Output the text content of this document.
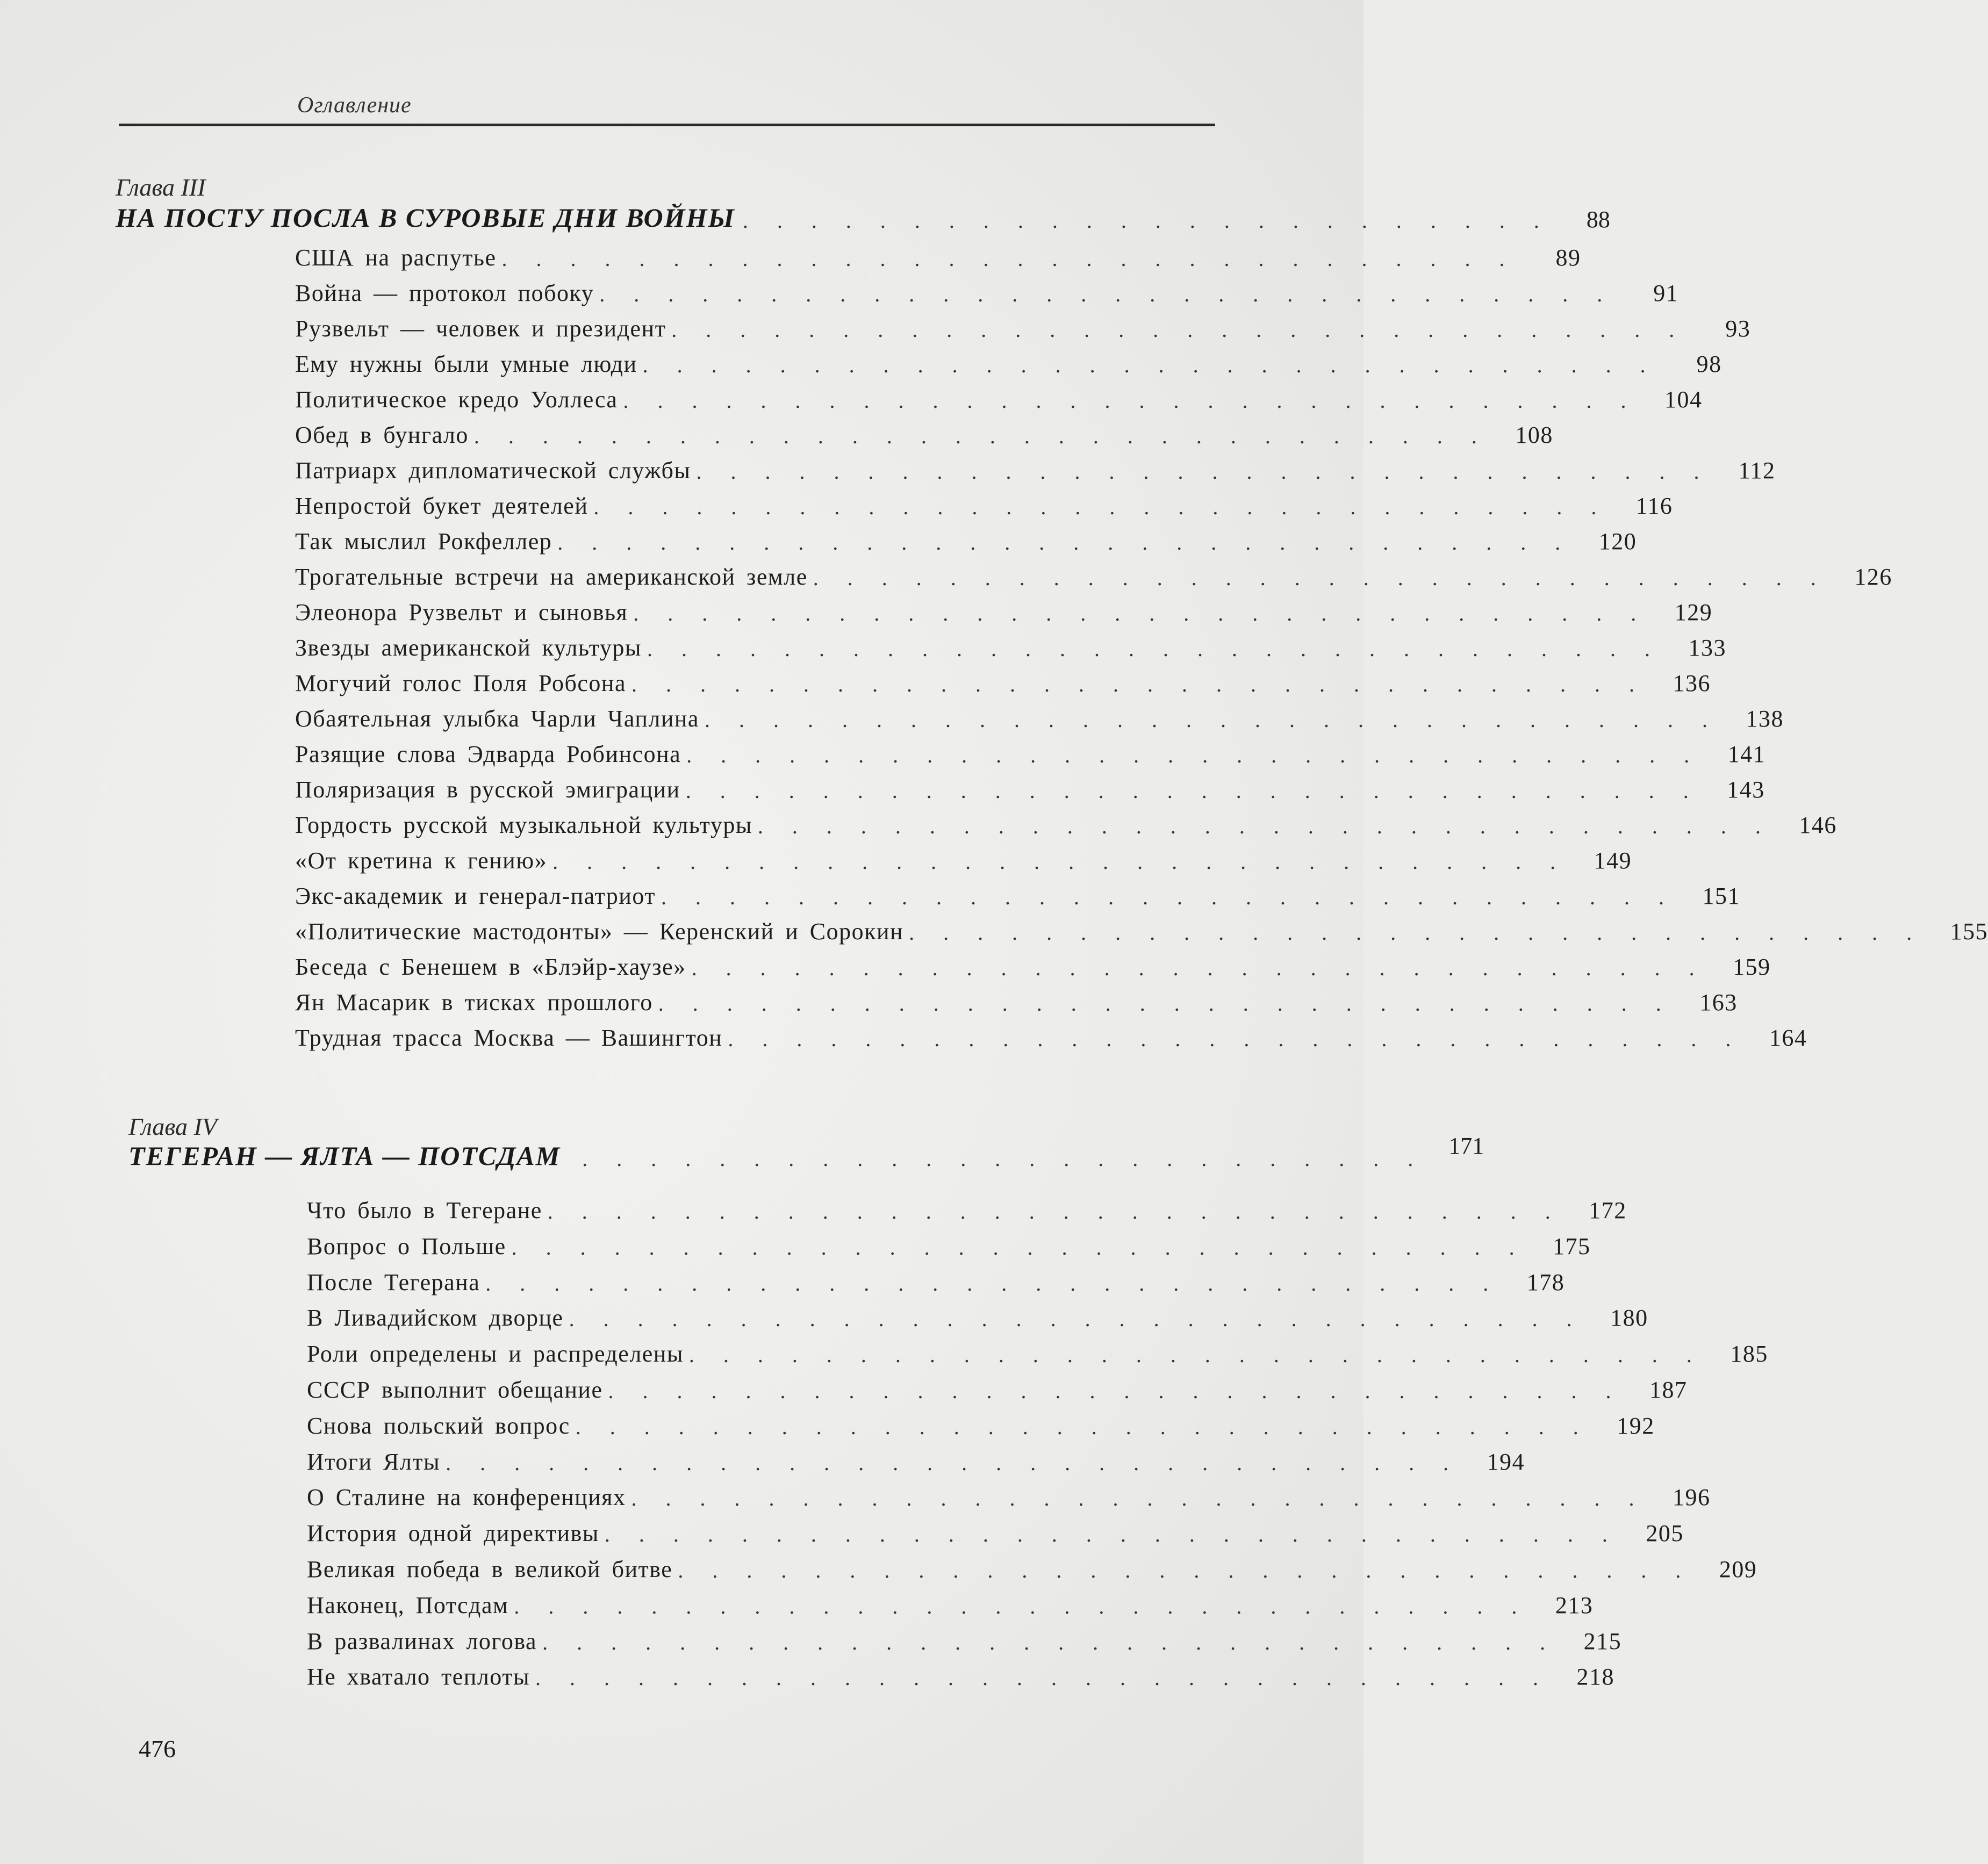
Оглавление
Глава III
НА ПОСТУ ПОСЛА В СУРОВЫЕ ДНИ ВОЙНЫ . . . . . . . . . . . . . . . . . . . . . . . .	88
США на распутье . . . . . . . . . . . . . . . . . . . . . . . . . . . . . .	89
Война — протокол побоку . . . . . . . . . . . . . . . . . . . . . . . . . . . . . .	91
Рузвельт — человек и президент . . . . . . . . . . . . . . . . . . . . . . . . . . . . . .	93
Ему нужны были умные люди . . . . . . . . . . . . . . . . . . . . . . . . . . . . . .	98
Политическое кредо Уоллеса . . . . . . . . . . . . . . . . . . . . . . . . . . . . . .	104
Обед в бунгало . . . . . . . . . . . . . . . . . . . . . . . . . . . . . .	108
Патриарх дипломатической службы . . . . . . . . . . . . . . . . . . . . . . . . . . . . . .	112
Непростой букет деятелей . . . . . . . . . . . . . . . . . . . . . . . . . . . . . .	116
Так мыслил Рокфеллер . . . . . . . . . . . . . . . . . . . . . . . . . . . . . .	120
Трогательные встречи на американской земле . . . . . . . . . . . . . . . . . . . . . . . . . . . . . .	126
Элеонора Рузвельт и сыновья . . . . . . . . . . . . . . . . . . . . . . . . . . . . . .	129
Звезды американской культуры . . . . . . . . . . . . . . . . . . . . . . . . . . . . . .	133
Могучий голос Поля Робсона . . . . . . . . . . . . . . . . . . . . . . . . . . . . . .	136
Обаятельная улыбка Чарли Чаплина . . . . . . . . . . . . . . . . . . . . . . . . . . . . . .	138
Разящие слова Эдварда Робинсона . . . . . . . . . . . . . . . . . . . . . . . . . . . . . .	141
Поляризация в русской эмиграции . . . . . . . . . . . . . . . . . . . . . . . . . . . . . .	143
Гордость русской музыкальной культуры . . . . . . . . . . . . . . . . . . . . . . . . . . . . . .	146
«От кретина к гению» . . . . . . . . . . . . . . . . . . . . . . . . . . . . . .	149
Экс-академик и генерал-патриот . . . . . . . . . . . . . . . . . . . . . . . . . . . . . .	151
«Политические мастодонты» — Керенский и Сорокин . . . . . . . . . . . . . . . . . . . . . . . . . . . . . .	155
Беседа с Бенешем в «Блэйр-хаузе» . . . . . . . . . . . . . . . . . . . . . . . . . . . . . .	159
Ян Масарик в тисках прошлого . . . . . . . . . . . . . . . . . . . . . . . . . . . . . .	163
Трудная трасса Москва — Вашингтон . . . . . . . . . . . . . . . . . . . . . . . . . . . . . .	164
Глава IV
ТЕГЕРАН — ЯЛТА — ПОТСДАМ	. . . . . . . . . . . . . . . . . . . . . . . . .	171
Что было в Тегеране . . . . . . . . . . . . . . . . . . . . . . . . . . . . . .	172
Вопрос о Польше . . . . . . . . . . . . . . . . . . . . . . . . . . . . . .	175
После Тегерана . . . . . . . . . . . . . . . . . . . . . . . . . . . . . .	178
В Ливадийском дворце . . . . . . . . . . . . . . . . . . . . . . . . . . . . . .	180
Роли определены и распределены . . . . . . . . . . . . . . . . . . . . . . . . . . . . . .	185
СССР выполнит обещание . . . . . . . . . . . . . . . . . . . . . . . . . . . . . .	187
Снова польский вопрос . . . . . . . . . . . . . . . . . . . . . . . . . . . . . .	192
Итоги Ялты . . . . . . . . . . . . . . . . . . . . . . . . . . . . . .	194
О Сталине на конференциях . . . . . . . . . . . . . . . . . . . . . . . . . . . . . .	196
История одной директивы . . . . . . . . . . . . . . . . . . . . . . . . . . . . . .	205
Великая победа в великой битве . . . . . . . . . . . . . . . . . . . . . . . . . . . . . .	209
Наконец, Потсдам . . . . . . . . . . . . . . . . . . . . . . . . . . . . . .	213
В развалинах логова . . . . . . . . . . . . . . . . . . . . . . . . . . . . . .	215
Не хватало теплоты . . . . . . . . . . . . . . . . . . . . . . . . . . . . . .	218
476
